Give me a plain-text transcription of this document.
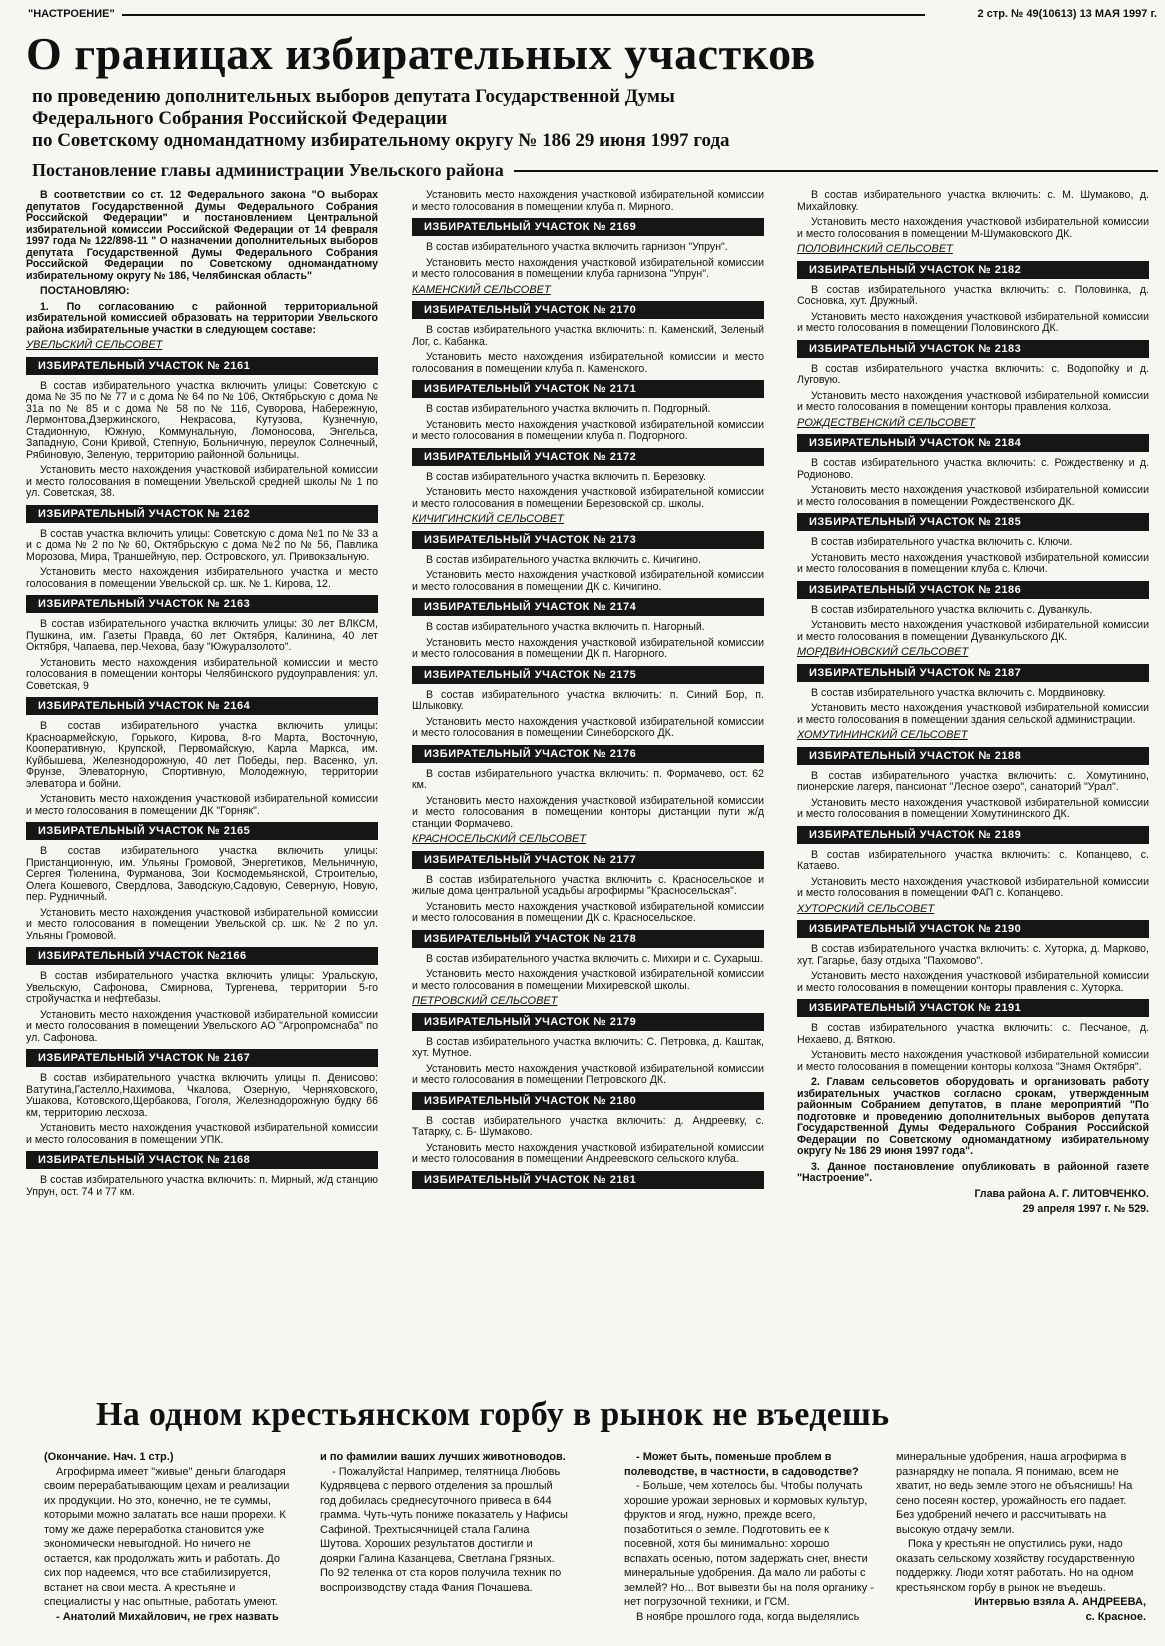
"НАСТРОЕНИЕ"	2 стр. № 49(10613) 13 МАЯ 1997 г.
О границах избирательных участков
по проведению дополнительных выборов депутата Государственной Думы
Федерального Собрания Российской Федерации
по Советскому одномандатному избирательному округу № 186 29 июня 1997 года
Постановление главы администрации Увельского района

В соответствии со ст. 12 Федерального закона "О выборах депутатов Государственной Думы Федерального Собрания Российской Федерации" и постановлением Центральной избирательной комиссии Российской Федерации от 14 февраля 1997 года № 122/898-11 " О назначении дополнительных выборов депутата Государственной Думы Федерального Собрания Российской Федерации по Советскому одномандатному избирательному округу № 186, Челябинская область"

ПОСТАНОВЛЯЮ:

1. По согласованию с районной территориальной избирательной комиссией образовать на территории Увельского района избирательные участки в следующем составе:

УВЕЛЬСКИЙ СЕЛЬСОВЕТ
ИЗБИРАТЕЛЬНЫЙ УЧАСТОК № 2161

В состав избирательного участка включить улицы: Советскую с дома № 35 по № 77 и с дома № 64 по № 106, Октябрьскую с дома № 31а по № 85 и с дома № 58 по № 116, Суворова, Набережную, Лермонтова,Дзержинского, Некрасова, Кутузова, Кузнечную, Стадионную, Южную, Коммунальную, Ломоносова, Энгельса, Западную, Сони Кривой, Степную, Больничную, переулок Солнечный, Рябиновую, Зеленую, территорию районной больницы.

Установить место нахождения участковой избирательной комиссии и место голосования в помещении Увельской средней школы № 1 по ул. Советская, 38.

ИЗБИРАТЕЛЬНЫЙ УЧАСТОК № 2162

В состав участка включить улицы: Советскую с дома №1 по № 33 а и с дома № 2 по № 60, Октябрьскую с дома №2 по № 56, Павлика Морозова, Мира, Траншейную, пер. Островского, ул. Привокзальную.

Установить место нахождения избирательного участка и место голосования в помещении Увельской ср. шк. № 1. Кирова, 12.

ИЗБИРАТЕЛЬНЫЙ УЧАСТОК № 2163

В состав избирательного участка включить улицы: 30 лет ВЛКСМ, Пушкина, им. Газеты Правда, 60 лет Октября, Калинина, 40 лет Октября, Чапаева, пер.Чехова, базу "Южуралзолото".

Установить место нахождения избирательной комиссии и место голосования в помещении конторы Челябинского рудоуправления: ул. Советская, 9

ИЗБИРАТЕЛЬНЫЙ УЧАСТОК № 2164

В состав избирательного участка включить улицы: Красноармейскую, Горького, Кирова, 8-го Марта, Восточную, Кооперативную, Крупской, Первомайскую, Карла Маркса, им. Куйбышева, Железнодорожную, 40 лет Победы, пер. Васенко, ул. Фрунзе, Элеваторную, Спортивную, Молодежную, территории элеватора и бойни.

Установить место нахождения участковой избирательной комиссии и место голосования в помещении ДК "Горняк".

ИЗБИРАТЕЛЬНЫЙ УЧАСТОК № 2165

В состав избирательного участка включить улицы: Пристанционную, им. Ульяны Громовой, Энергетиков, Мельничную, Сергея Тюленина, Фурманова, Зои Космодемьянской, Строителью, Олега Кошевого, Свердлова, Заводскую,Садовую, Северную, Новую, пер. Рудничный.

Установить место нахождения участковой избирательной комиссии и место голосования в помещении Увельской ср. шк. № 2 по ул. Ульяны Громовой.

ИЗБИРАТЕЛЬНЫЙ УЧАСТОК №2166

В состав избирательного участка включить улицы: Уральскую, Увельскую, Сафонова, Смирнова, Тургенева, территории 5-го стройучастка и нефтебазы.

Установить место нахождения участковой избирательной комиссии и место голосования в помещении Увельского АО "Агропромснаба" по ул. Сафонова.

ИЗБИРАТЕЛЬНЫЙ УЧАСТОК № 2167

В состав избирательного участка включить улицы п. Денисово: Ватутина,Гастелло,Нахимова, Чкалова, Озерную, Черняховского, Ушакова, Котовского,Щербакова, Гоголя, Железнодорожную будку 66 км, территорию лесхоза.

Установить место нахождения участковой избирательной комиссии и место голосования в помещении УПК.

ИЗБИРАТЕЛЬНЫЙ УЧАСТОК № 2168

В состав избирательного участка включить: п. Мирный, ж/д станцию Упрун, ост. 74 и 77 км.

Установить место нахождения участковой избирательной комиссии и место голосования в помещении клуба п. Мирного.

ИЗБИРАТЕЛЬНЫЙ УЧАСТОК № 2169

В состав избирательного участка включить гарнизон "Упрун".

Установить место нахождения участковой избирательной комиссии и место голосования в помещении клуба гарнизона "Упрун".

КАМЕНСКИЙ СЕЛЬСОВЕТ
ИЗБИРАТЕЛЬНЫЙ УЧАСТОК № 2170

В состав избирательного участка включить: п. Каменский, Зеленый Лог, с. Кабанка.

Установить место нахождения избирательной комиссии и место голосования в помещении клуба п. Каменского.

ИЗБИРАТЕЛЬНЫЙ УЧАСТОК № 2171

В состав избирательного участка включить п. Подгорный.

Установить место нахождения участковой избирательной комиссии и место голосования в помещении клуба п. Подгорного.

ИЗБИРАТЕЛЬНЫЙ УЧАСТОК № 2172

В состав избирательного участка включить п. Березовку.

Установить место нахождения участковой избирательной комиссии и место голосования в помещении Березовской ср. школы.

КИЧИГИНСКИЙ СЕЛЬСОВЕТ
ИЗБИРАТЕЛЬНЫЙ УЧАСТОК № 2173

В состав избирательного участка включить с. Кичигино.

Установить место нахождения участковой избирательной комиссии и место голосования в помещении ДК с. Кичигино.

ИЗБИРАТЕЛЬНЫЙ УЧАСТОК № 2174

В состав избирательного участка включить п. Нагорный.

Установить место нахождения участковой избирательной комиссии и место голосования в помещении ДК п. Нагорного.

ИЗБИРАТЕЛЬНЫЙ УЧАСТОК № 2175

В состав избирательного участка включить: п. Синий Бор, п. Шлыковку.

Установить место нахождения участковой избирательной комиссии и место голосования в помещении Синеборского ДК.

ИЗБИРАТЕЛЬНЫЙ УЧАСТОК № 2176

В состав избирательного участка включить: п. Формачево, ост. 62 км.

Установить место нахождения участковой избирательной комиссии и место голосования в помещении конторы дистанции пути ж/д станции Формачево.

КРАСНОСЕЛЬСКИЙ СЕЛЬСОВЕТ
ИЗБИРАТЕЛЬНЫЙ УЧАСТОК № 2177

В состав избирательного участка включить с. Красносельское и жилые дома центральной усадьбы агрофирмы "Красносельская".

Установить место нахождения участковой избирательной комиссии и место голосования в помещении ДК с. Красносельское.

ИЗБИРАТЕЛЬНЫЙ УЧАСТОК № 2178

В состав избирательного участка включить с. Михири и с. Сухарыш.

Установить место нахождения участковой избирательной комиссии и место голосования в помещении Михиревской школы.

ПЕТРОВСКИЙ СЕЛЬСОВЕТ
ИЗБИРАТЕЛЬНЫЙ УЧАСТОК № 2179

В состав избирательного участка включить: С. Петровка, д. Каштак, хут. Мутное.

Установить место нахождения участковой избирательной комиссии и место голосования в помещении Петровского ДК.

ИЗБИРАТЕЛЬНЫЙ УЧАСТОК № 2180

В состав избирательного участка включить: д. Андреевку, с. Татарку, с. Б- Шумаково.

Установить место нахождения участковой избирательной комиссии и место голосования в помещении Андреевского сельского клуба.

ИЗБИРАТЕЛЬНЫЙ УЧАСТОК № 2181

В состав избирательного участка включить: с. М. Шумаково, д. Михайловку.

Установить место нахождения участковой избирательной комиссии и место голосования в помещении М-Шумаковского ДК.

ПОЛОВИНСКИЙ СЕЛЬСОВЕТ
ИЗБИРАТЕЛЬНЫЙ УЧАСТОК № 2182

В состав избирательного участка включить: с. Половинка, д. Сосновка, хут. Дружный.

Установить место нахождения участковой избирательной комиссии и место голосования в помещении Половинского ДК.

ИЗБИРАТЕЛЬНЫЙ УЧАСТОК № 2183

В состав избирательного участка включить: с. Водопойку и д. Луговую.

Установить место нахождения участковой избирательной комиссии и место голосования в помещении конторы правления колхоза.

РОЖДЕСТВЕНСКИЙ СЕЛЬСОВЕТ
ИЗБИРАТЕЛЬНЫЙ УЧАСТОК № 2184

В состав избирательного участка включить: с. Рождественку и д. Родионово.

Установить место нахождения участковой избирательной комиссии и место голосования в помещении Рождественского ДК.

ИЗБИРАТЕЛЬНЫЙ УЧАСТОК № 2185

В состав избирательного участка включить с. Ключи.

Установить место нахождения участковой избирательной комиссии и место голосования в помещении клуба с. Ключи.

ИЗБИРАТЕЛЬНЫЙ УЧАСТОК № 2186

В состав избирательного участка включить с. Дуванкуль.

Установить место нахождения участковой избирательной комиссии и место голосования в помещении Дуванкульского ДК.

МОРДВИНОВСКИЙ СЕЛЬСОВЕТ
ИЗБИРАТЕЛЬНЫЙ УЧАСТОК № 2187

В состав избирательного участка включить с. Мордвиновку.

Установить место нахождения участковой избирательной комиссии и место голосования в помещении здания сельской администрации.

ХОМУТИНИНСКИЙ СЕЛЬСОВЕТ
ИЗБИРАТЕЛЬНЫЙ УЧАСТОК № 2188

В состав избирательного участка включить: с. Хомутинино, пионерские лагеря, пансионат "Лесное озеро", санаторий "Урал".

Установить место нахождения участковой избирательной комиссии и место голосования в помещении Хомутининского ДК.

ИЗБИРАТЕЛЬНЫЙ УЧАСТОК № 2189

В состав избирательного участка включить: с. Копанцево, с. Катаево.

Установить место нахождения участковой избирательной комиссии и место голосования в помещении ФАП с. Копанцево.

ХУТОРСКИЙ СЕЛЬСОВЕТ
ИЗБИРАТЕЛЬНЫЙ УЧАСТОК № 2190

В состав избирательного участка включить: с. Хуторка, д. Марково, хут. Гагарье, базу отдыха "Пахомово".

Установить место нахождения участковой избирательной комиссии и место голосования в помещении конторы правления с. Хуторка.

ИЗБИРАТЕЛЬНЫЙ УЧАСТОК № 2191

В состав избирательного участка включить: с. Песчаное, д. Нехаево, д. Вяткою.

Установить место нахождения участковой избирательной комиссии и место голосования в помещении конторы колхоза "Знамя Октября".

2. Главам сельсоветов оборудовать и организовать работу избирательных участков согласно срокам, утвержденным районным Собранием депутатов, в плане мероприятий "По подготовке и проведению дополнительных выборов депутата Государственной Думы Федерального Собрания Российской Федерации по Советскому одномандатному избирательному округу № 186 29 июня 1997 года".

3. Данное постановление опубликовать в районной газете "Настроение".

Глава района А. Г. ЛИТОВЧЕНКО.

29 апреля 1997 г. № 529.

На одном крестьянском горбу в рынок не въедешь

(Окончание. Нач. 1 стр.)

Агрофирма имеет "живые" деньги благодаря своим перерабатывающим цехам и реализации их продукции. Но это, конечно, не те суммы, которыми можно залатать все наши прорехи. К тому же даже переработка становится уже экономически невыгодной. Но ничего не остается, как продолжать жить и работать. До сих пор надеемся, что все стабилизируется, встанет на свои места. А крестьяне и специалисты у нас опытные, работать умеют.

- Анатолий Михайлович, не грех назвать

и по фамилии ваших лучших животноводов.

- Пожалуйста! Например, телятница Любовь Кудрявцева с первого отделения за прошлый год добилась среднесуточного привеса в 644 грамма. Чуть-чуть пониже показатель у Нафисы Сафиной. Трехтысячницей стала Галина Шутова. Хороших результатов достигли и доярки Галина Казанцева, Светлана Грязных. По 92 теленка от ста коров получила техник по воспроизводству стада Фания Почашева.

- Может быть, поменьше проблем в полеводстве, в частности, в садоводстве?

- Больше, чем хотелось бы. Чтобы получать хорошие урожаи зерновых и кормовых культур, фруктов и ягод, нужно, прежде всего, позаботиться о земле. Подготовить ее к посевной, хотя бы минимально: хорошо вспахать осенью, потом задержать снег, внести минеральные удобрения. Да мало ли работы с землей? Но... Вот вывезти бы на поля органику - нет погрузочной техники, и ГСМ.

В ноябре прошлого года, когда выделялись

минеральные удобрения, наша агрофирма в разнарядку не попала. Я понимаю, всем не хватит, но ведь земле этого не объяснишь! На сено посеян костер, урожайность его падает. Без удобрений нечего и рассчитывать на высокую отдачу земли.

Пока у крестьян не опустились руки, надо оказать сельскому хозяйству государственную поддержку. Люди хотят работать. Но на одном крестьянском горбу в рынок не въедешь.

Интервью взяла А. АНДРЕЕВА,

с. Красное.
